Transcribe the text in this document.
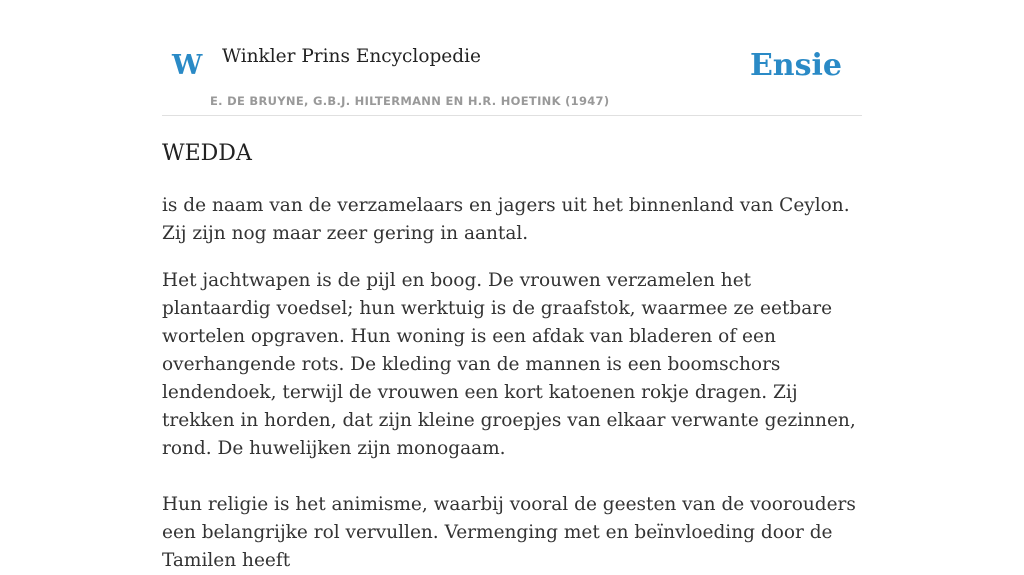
W Winkler Prins Encyclopedie
E. DE BRUYNE, G.B.J. HILTERMANN EN H.R. HOETINK (1947)
Ensie
WEDDA

is de naam van de verzamelaars en jagers uit het binnenland van Ceylon. Zij zijn nog maar zeer gering in aantal.

Het jachtwapen is de pijl en boog. De vrouwen verzamelen het plantaardig voedsel; hun werktuig is de graafstok, waarmee ze eetbare wortelen opgraven. Hun woning is een afdak van bladeren of een overhangende rots. De kleding van de mannen is een boomschors lendendoek, terwijl de vrouwen een kort katoenen rokje dragen. Zij trekken in horden, dat zijn kleine groepjes van elkaar verwante gezinnen, rond. De huwelijken zijn monogaam.

Hun religie is het animisme, waarbij vooral de geesten van de voorouders een belangrijke rol vervullen. Vermenging met en beïnvloeding door de Tamilen heeft
